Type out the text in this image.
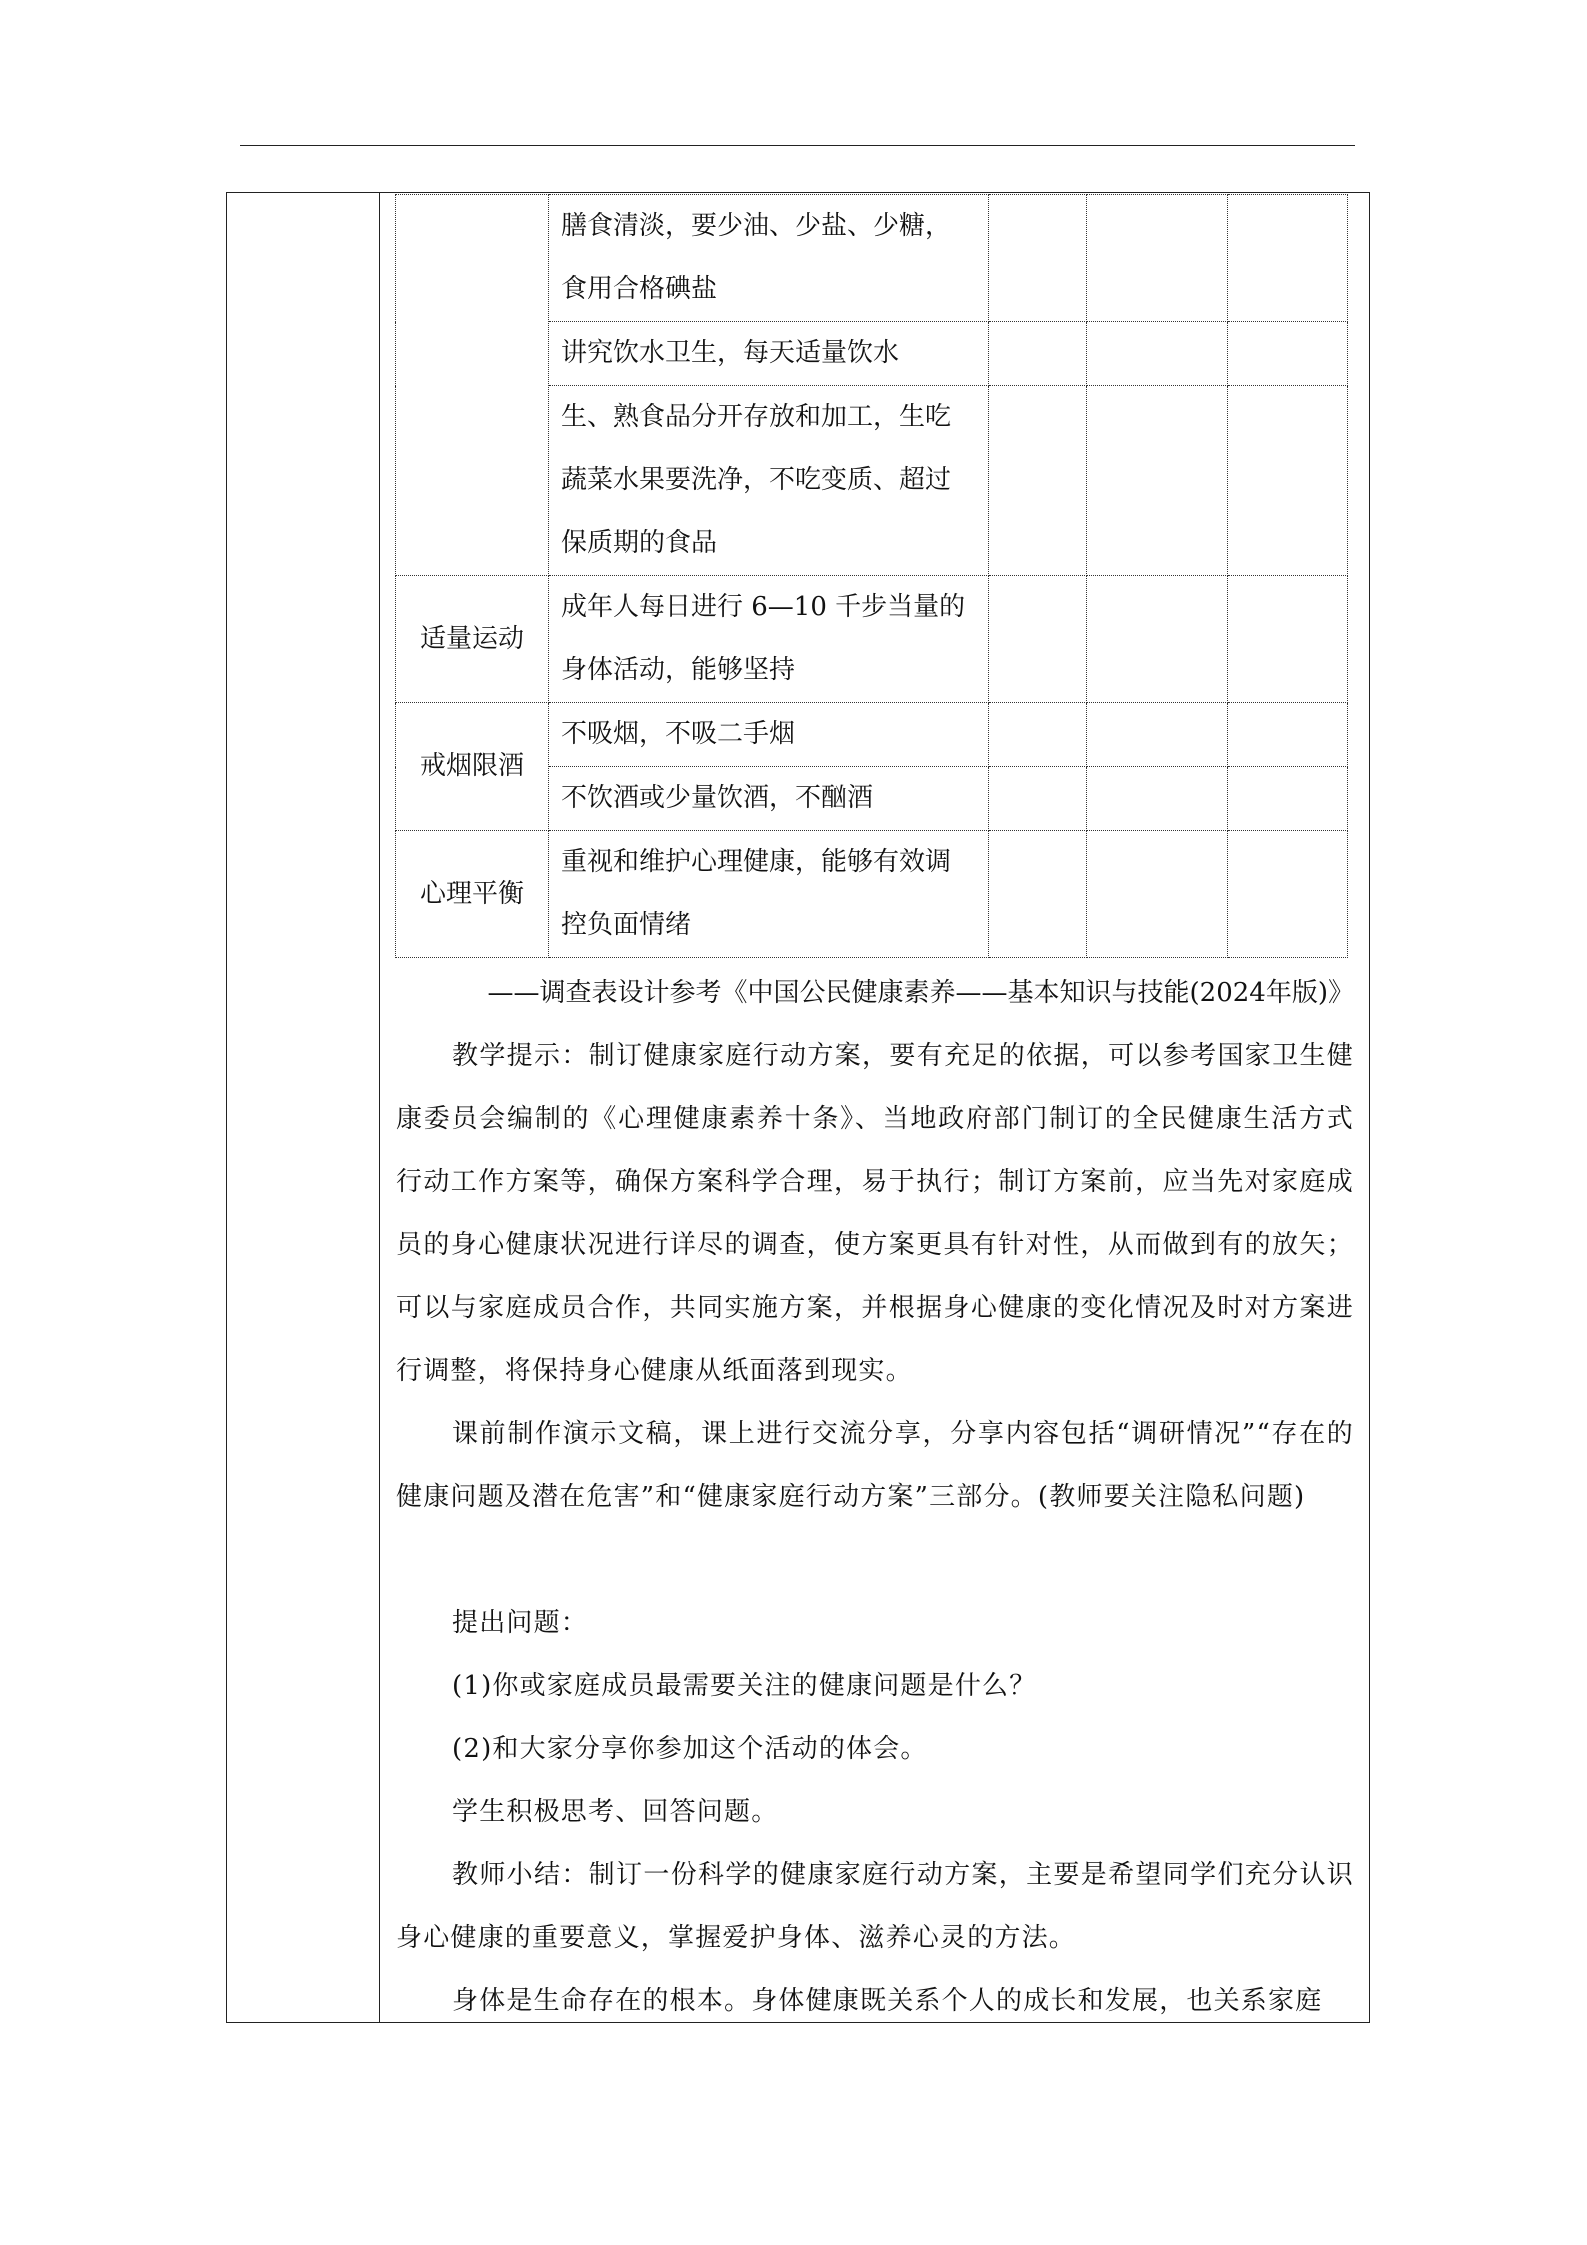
	膳食清淡，要少油、少盐、少糖，食用合格碘盐			
	讲究饮水卫生，每天适量饮水			
	生、熟食品分开存放和加工，生吃蔬菜水果要洗净，不吃变质、超过保质期的食品			
适量运动	成年人每日进行 6—10 千步当量的身体活动，能够坚持			
戒烟限酒	不吸烟，不吸二手烟			
	不饮酒或少量饮酒，不酗酒			
心理平衡	重视和维护心理健康，能够有效调控负面情绪			
——调查表设计参考《中国公民健康素养——基本知识与技能(2024年版)》
教学提示：制订健康家庭行动方案，要有充足的依据，可以参考国家卫生健康委员会编制的《心理健康素养十条》、当地政府部门制订的全民健康生活方式行动工作方案等，确保方案科学合理，易于执行；制订方案前，应当先对家庭成员的身心健康状况进行详尽的调查，使方案更具有针对性，从而做到有的放矢；可以与家庭成员合作，共同实施方案，并根据身心健康的变化情况及时对方案进行调整，将保持身心健康从纸面落到现实。
课前制作演示文稿，课上进行交流分享，分享内容包括“调研情况”“存在的健康问题及潜在危害”和“健康家庭行动方案”三部分。(教师要关注隐私问题)
提出问题：
(1)你或家庭成员最需要关注的健康问题是什么？
(2)和大家分享你参加这个活动的体会。
学生积极思考、回答问题。
教师小结：制订一份科学的健康家庭行动方案，主要是希望同学们充分认识身心健康的重要意义，掌握爱护身体、滋养心灵的方法。
身体是生命存在的根本。身体健康既关系个人的成长和发展，也关系家庭
